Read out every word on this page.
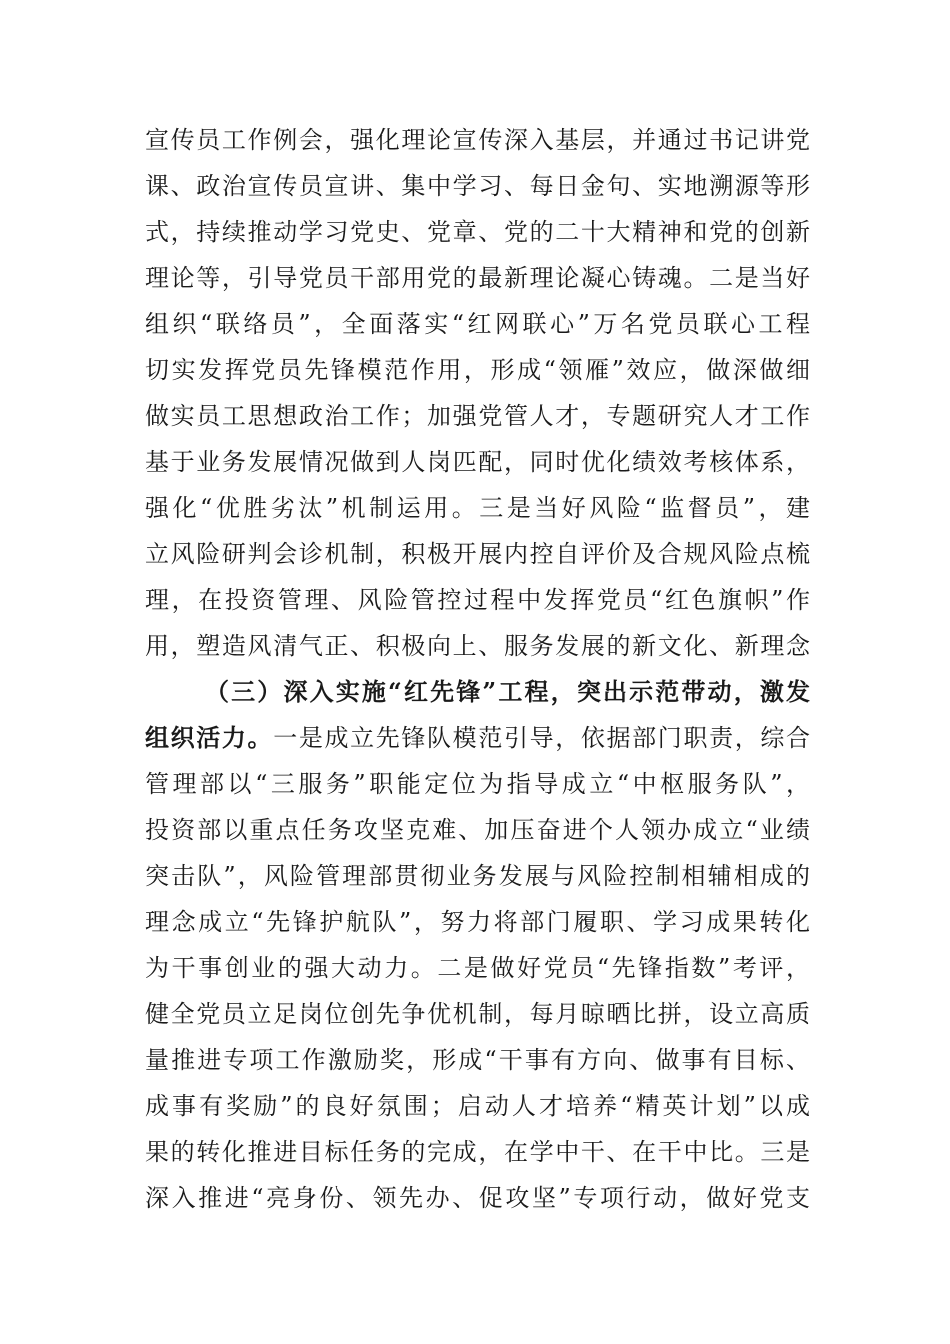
宣传员工作例会，强化理论宣传深入基层，并通过书记讲党
课、政治宣传员宣讲、集中学习、每日金句、实地溯源等形
式，持续推动学习党史、党章、党的二十大精神和党的创新
理论等，引导党员干部用党的最新理论凝心铸魂。二是当好
组织“联络员”，全面落实“红网联心”万名党员联心工程
切实发挥党员先锋模范作用，形成“领雁”效应，做深做细
做实员工思想政治工作；加强党管人才，专题研究人才工作
基于业务发展情况做到人岗匹配，同时优化绩效考核体系，
强化“优胜劣汰”机制运用。三是当好风险“监督员”，建
立风险研判会诊机制，积极开展内控自评价及合规风险点梳
理，在投资管理、风险管控过程中发挥党员“红色旗帜”作
用，塑造风清气正、积极向上、服务发展的新文化、新理念
（三）深入实施“红先锋”工程，突出示范带动，激发
组织活力。一是成立先锋队模范引导，依据部门职责，综合
管理部以“三服务”职能定位为指导成立“中枢服务队”，
投资部以重点任务攻坚克难、加压奋进个人领办成立“业绩
突击队”，风险管理部贯彻业务发展与风险控制相辅相成的
理念成立“先锋护航队”，努力将部门履职、学习成果转化
为干事创业的强大动力。二是做好党员“先锋指数”考评，
健全党员立足岗位创先争优机制，每月晾晒比拼，设立高质
量推进专项工作激励奖，形成“干事有方向、做事有目标、
成事有奖励”的良好氛围；启动人才培养“精英计划”以成
果的转化推进目标任务的完成，在学中干、在干中比。三是
深入推进“亮身份、领先办、促攻坚”专项行动，做好党支
